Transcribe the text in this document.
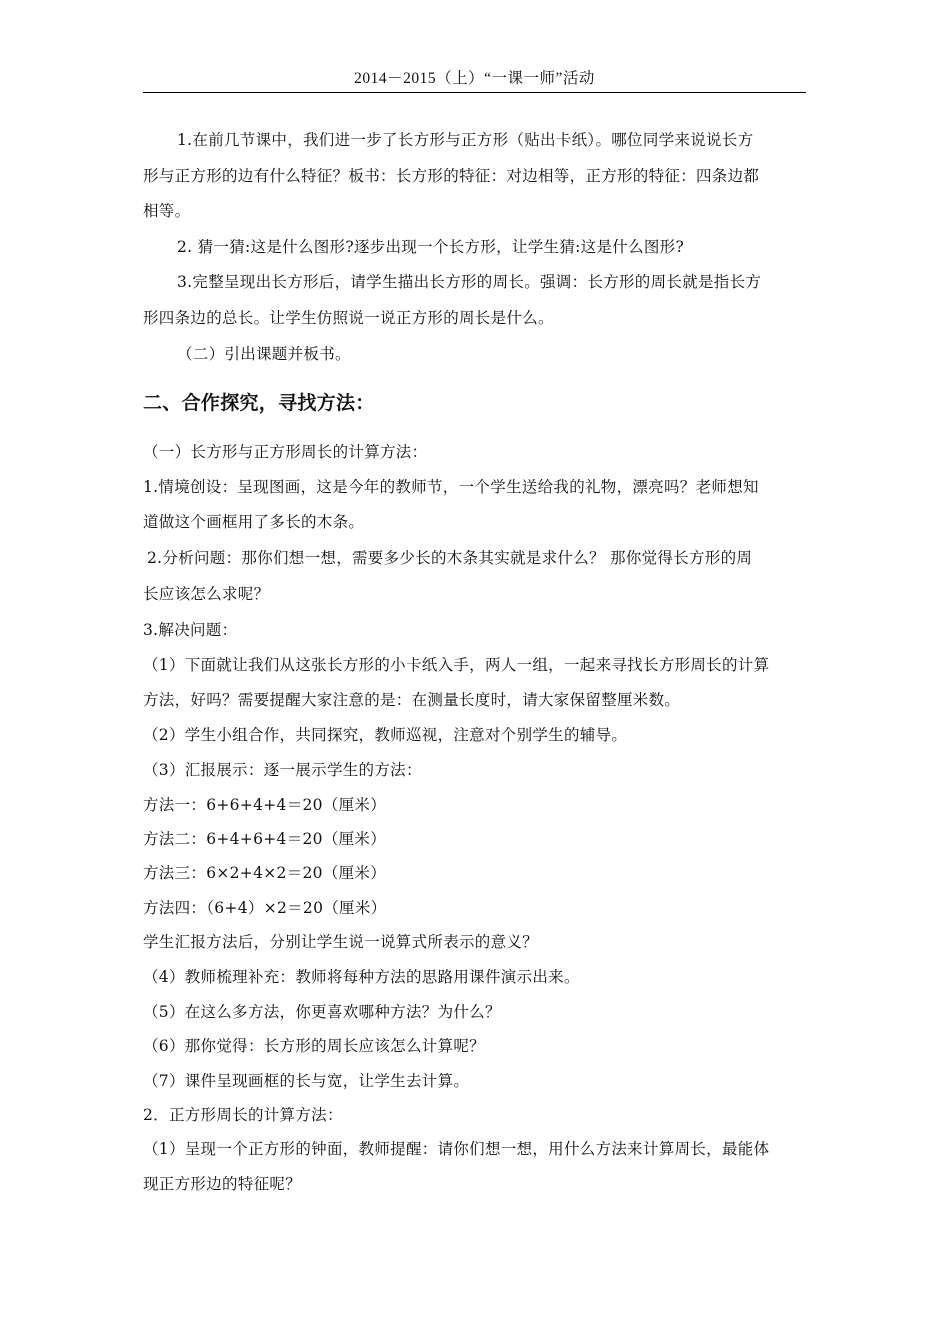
2014－2015（上）“一课一师”活动
1.在前几节课中，我们进一步了长方形与正方形（贴出卡纸）。哪位同学来说说长方
形与正方形的边有什么特征？板书：长方形的特征：对边相等，正方形的特征：四条边都
相等。
2. 猜一猜:这是什么图形?逐步出现一个长方形，让学生猜:这是什么图形?
3.完整呈现出长方形后，请学生描出长方形的周长。强调：长方形的周长就是指长方
形四条边的总长。让学生仿照说一说正方形的周长是什么。
（二）引出课题并板书。
二、合作探究，寻找方法：
（一）长方形与正方形周长的计算方法：
1.情境创设：呈现图画，这是今年的教师节，一个学生送给我的礼物，漂亮吗？老师想知
道做这个画框用了多长的木条。
2.分析问题：那你们想一想，需要多少长的木条其实就是求什么？ 那你觉得长方形的周
长应该怎么求呢？
3.解决问题：
（1）下面就让我们从这张长方形的小卡纸入手，两人一组，一起来寻找长方形周长的计算
方法，好吗？需要提醒大家注意的是：在测量长度时，请大家保留整厘米数。
（2）学生小组合作，共同探究，教师巡视，注意对个别学生的辅导。
（3）汇报展示：逐一展示学生的方法：
方法一：6+6+4+4＝20（厘米）
方法二：6+4+6+4＝20（厘米）
方法三：6×2+4×2＝20（厘米）
方法四：（6+4）×2＝20（厘米）
学生汇报方法后，分别让学生说一说算式所表示的意义？
（4）教师梳理补充：教师将每种方法的思路用课件演示出来。
（5）在这么多方法，你更喜欢哪种方法？为什么？
（6）那你觉得：长方形的周长应该怎么计算呢？
（7）课件呈现画框的长与宽，让学生去计算。
2．正方形周长的计算方法：
（1）呈现一个正方形的钟面，教师提醒：请你们想一想，用什么方法来计算周长，最能体
现正方形边的特征呢？
